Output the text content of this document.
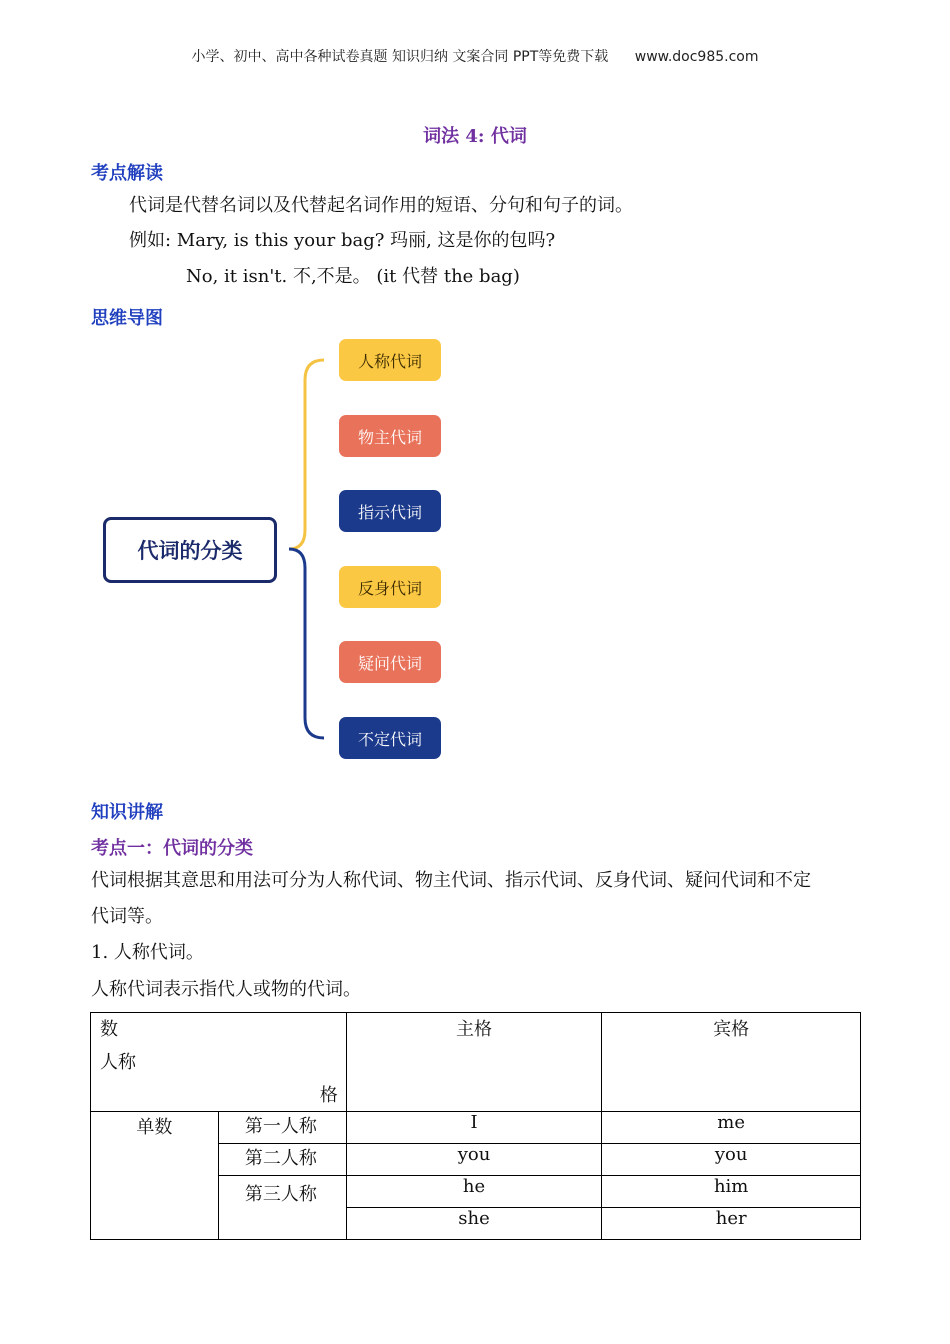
小学、初中、高中各种试卷真题 知识归纳 文案合同 PPT等免费下载 www.doc985.com
词法 4: 代词
考点解读
代词是代替名词以及代替起名词作用的短语、分句和句子的词。
例如: Mary, is this your bag? 玛丽, 这是你的包吗?
No, it isn't. 不,不是。 (it 代替 the bag)
思维导图
代词的分类
人称代词
物主代词
指示代词
反身代词
疑问代词
不定代词
知识讲解
考点一：代词的分类
代词根据其意思和用法可分为人称代词、物主代词、指示代词、反身代词、疑问代词和不定
代词等。
1. 人称代词。
人称代词表示指代人或物的代词。
数
人称
格		主格	宾格
单数	第一人称	I	me
	第二人称	you	you
	第三人称	he	him
		she	her
